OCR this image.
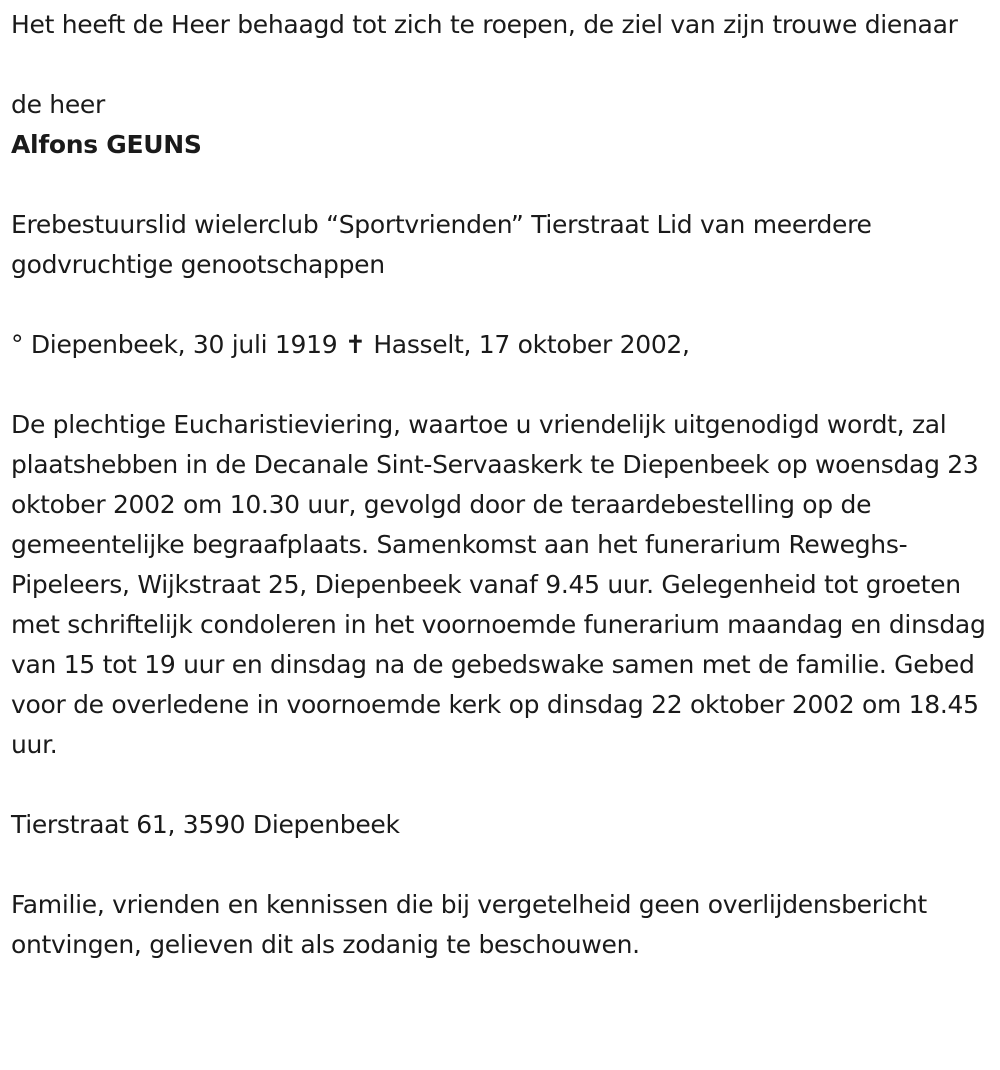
Het heeft de Heer behaagd tot zich te roepen, de ziel van zijn trouwe dienaar

de heer

Alfons GEUNS

Erebestuurslid wielerclub “Sportvrienden” Tierstraat Lid van meerdere godvruchtige genootschappen

° Diepenbeek, 30 juli 1919 ✝ Hasselt, 17 oktober 2002,

De plechtige Eucharistieviering, waartoe u vriendelijk uitgenodigd wordt, zal plaatshebben in de Decanale Sint-Servaaskerk te Diepenbeek op woensdag 23 oktober 2002 om 10.30 uur, gevolgd door de teraardebestelling op de gemeentelijke begraafplaats. Samenkomst aan het funerarium Reweghs-Pipeleers, Wijkstraat 25, Diepenbeek vanaf 9.45 uur. Gelegenheid tot groeten met schriftelijk condoleren in het voornoemde funerarium maandag en dinsdag van 15 tot 19 uur en dinsdag na de gebedswake samen met de familie. Gebed voor de overledene in voornoemde kerk op dinsdag 22 oktober 2002 om 18.45 uur.

Tierstraat 61, 3590 Diepenbeek

Familie, vrienden en kennissen die bij vergetelheid geen overlijdensbericht ontvingen, gelieven dit als zodanig te beschouwen.
